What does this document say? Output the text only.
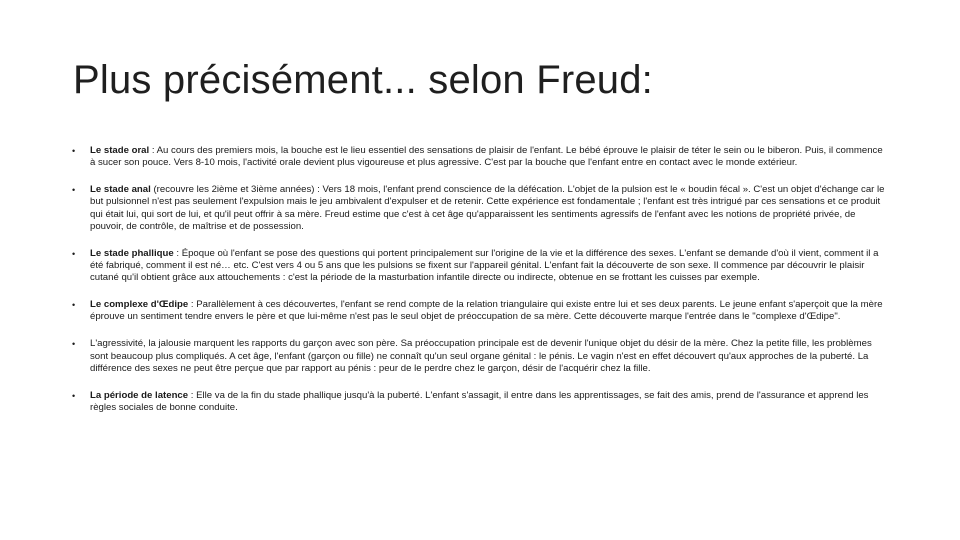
Plus précisément... selon Freud:
• Le stade oral : Au cours des premiers mois, la bouche est le lieu essentiel des sensations de plaisir de l'enfant. Le bébé éprouve le plaisir de téter le sein ou le biberon. Puis, il commence à sucer son pouce. Vers 8-10 mois, l'activité orale devient plus vigoureuse et plus agressive. C'est par la bouche que l'enfant entre en contact avec le monde extérieur.
• Le stade anal (recouvre les 2ième et 3ième années) : Vers 18 mois, l'enfant prend conscience de la défécation. L'objet de la pulsion est le « boudin fécal ». C'est un objet d'échange car le but pulsionnel n'est pas seulement l'expulsion mais le jeu ambivalent d'expulser et de retenir. Cette expérience est fondamentale ; l'enfant est très intrigué par ces sensations et ce produit qui était lui, qui sort de lui, et qu'il peut offrir à sa mère. Freud estime que c'est à cet âge qu'apparaissent les sentiments agressifs de l'enfant avec les notions de propriété privée, de pouvoir, de contrôle, de maîtrise et de possession.
• Le stade phallique : Époque où l'enfant se pose des questions qui portent principalement sur l'origine de la vie et la différence des sexes. L'enfant se demande d'où il vient, comment il a été fabriqué, comment il est né… etc. C'est vers 4 ou 5 ans que les pulsions se fixent sur l'appareil génital. L'enfant fait la découverte de son sexe. Il commence par découvrir le plaisir cutané qu'il obtient grâce aux attouchements : c'est la période de la masturbation infantile directe ou indirecte, obtenue en se frottant les cuisses par exemple.
• Le complexe d'Œdipe : Parallèlement à ces découvertes, l'enfant se rend compte de la relation triangulaire qui existe entre lui et ses deux parents. Le jeune enfant s'aperçoit que la mère éprouve un sentiment tendre envers le père et que lui-même n'est pas le seul objet de préoccupation de sa mère. Cette découverte marque l'entrée dans le "complexe d'Œdipe".
• L'agressivité, la jalousie marquent les rapports du garçon avec son père. Sa préoccupation principale est de devenir l'unique objet du désir de la mère. Chez la petite fille, les problèmes sont beaucoup plus compliqués. A cet âge, l'enfant (garçon ou fille) ne connaît qu'un seul organe génital : le pénis. Le vagin n'est en effet découvert qu'aux approches de la puberté. La différence des sexes ne peut être perçue que par rapport au pénis : peur de le perdre chez le garçon, désir de l'acquérir chez la fille.
• La période de latence : Elle va de la fin du stade phallique jusqu'à la puberté. L'enfant s'assagit, il entre dans les apprentissages, se fait des amis, prend de l'assurance et apprend les règles sociales de bonne conduite.
